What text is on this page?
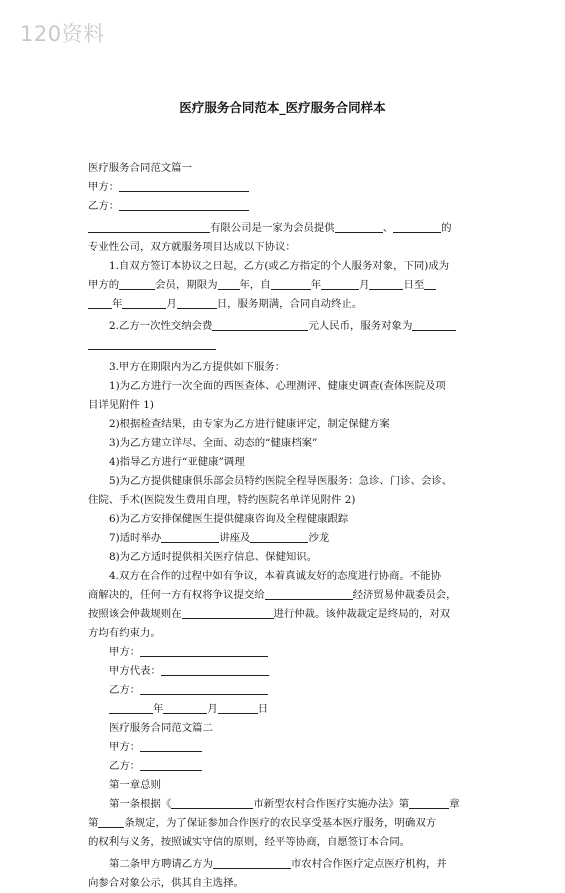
120资料
医疗服务合同范本_医疗服务合同样本
医疗服务合同范文篇一
甲方：
乙方：
有限公司是一家为会员提供	、	的
专业性公司，双方就服务项目达成以下协议：
1.自双方签订本协议之日起，乙方(或乙方指定的个人服务对象，下同)成为
甲方的	会员，期限为 年，自	年	月	日至
年	月	日，服务期满，合同自动终止。
2.乙方一次性交纳会费	元人民币，服务对象为
3.甲方在期限内为乙方提供如下服务：
1)为乙方进行一次全面的西医查体、心理测评、健康史调查(查体医院及项
目详见附件 1)
2)根据检查结果，由专家为乙方进行健康评定，制定保健方案
3)为乙方建立详尽、全面、动态的“健康档案”
4)指导乙方进行“亚健康”调理
5)为乙方提供健康俱乐部会员特约医院全程导医服务：急诊、门诊、会诊、
住院、手术(医院发生费用自理，特约医院名单详见附件 2)
6)为乙方安排保健医生提供健康咨询及全程健康跟踪
7)适时举办	讲座及	沙龙
8)为乙方适时提供相关医疗信息、保健知识。
4.双方在合作的过程中如有争议，本着真诚友好的态度进行协商。不能协
商解决的，任何一方有权将争议提交给	经济贸易仲裁委员会，
按照该会仲裁规则在	进行仲裁。该仲裁裁定是终局的，对双
方均有约束力。
甲方：
甲方代表：
乙方：
年	月	日
医疗服务合同范文篇二
甲方：
乙方：
第一章总则
第一条根据《	市新型农村合作医疗实施办法》第	章
第	条规定，为了保证参加合作医疗的农民享受基本医疗服务，明确双方
的权利与义务，按照诚实守信的原则，经平等协商，自愿签订本合同。
第二条甲方聘请乙方为	市农村合作医疗定点医疗机构，并
向参合对象公示，供其自主选择。
